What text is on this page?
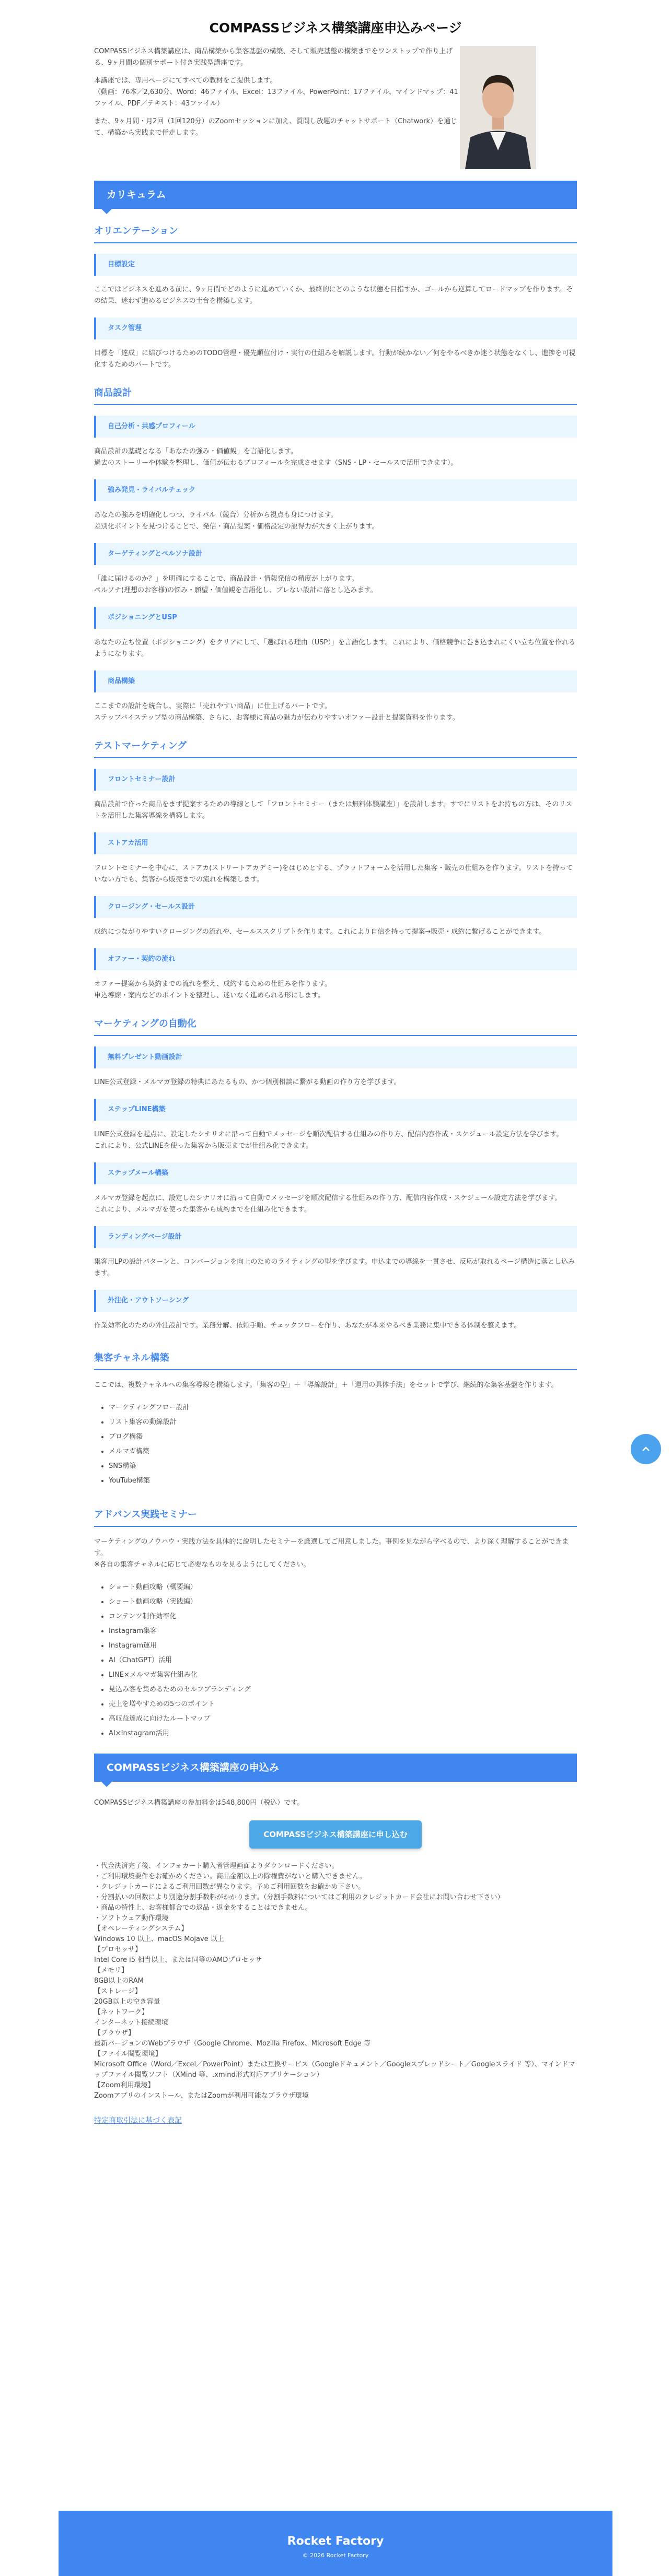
COMPASSビジネス構築講座申込みページ

COMPASSビジネス構築講座は、商品構築から集客基盤の構築、そして販売基盤の構築までをワンストップで作り上げる、9ヶ月間の個別サポート付き実践型講座です。

本講座では、専用ページにてすべての教材をご提供します。
（動画：76本／2,630分、Word：46ファイル、Excel：13ファイル、PowerPoint：17ファイル、マインドマップ：41ファイル、PDF／テキスト：43ファイル）

また、9ヶ月間・月2回（1回120分）のZoomセッションに加え、質問し放題のチャットサポート（Chatwork）を通じて、構築から実践まで伴走します。

カリキュラム
オリエンテーション
目標設定
ここではビジネスを進める前に、9ヶ月間でどのように進めていくか、最終的にどのような状態を目指すか、ゴールから逆算してロードマップを作ります。その結果、迷わず進めるビジネスの土台を構築します。
タスク管理
目標を「達成」に結びつけるためのTODO管理・優先順位付け・実行の仕組みを解説します。行動が続かない／何をやるべきか迷う状態をなくし、進捗を可視化するためのパートです。
商品設計
自己分析・共感プロフィール
商品設計の基礎となる「あなたの強み・価値観」を言語化します。
過去のストーリーや体験を整理し、価値が伝わるプロフィールを完成させます（SNS・LP・セールスで活用できます）。
強み発見・ライバルチェック
あなたの強みを明確化しつつ、ライバル（競合）分析から視点も身につけます。
差別化ポイントを見つけることで、発信・商品提案・価格設定の説得力が大きく上がります。
ターゲティングとペルソナ設計
「誰に届けるのか？」を明確にすることで、商品設計・情報発信の精度が上がります。
ペルソナ(理想のお客様)の悩み・願望・価値観を言語化し、ブレない設計に落とし込みます。
ポジショニングとUSP
あなたの立ち位置（ポジショニング）をクリアにして、「選ばれる理由（USP）」を言語化します。これにより、価格競争に巻き込まれにくい立ち位置を作れるようになります。
商品構築
ここまでの設計を統合し、実際に「売れやすい商品」に仕上げるパートです。
ステップバイステップ型の商品構築、さらに、お客様に商品の魅力が伝わりやすいオファー設計と提案資料を作ります。
テストマーケティング
フロントセミナー設計
商品設計で作った商品をまず提案するための導線として「フロントセミナー（または無料体験講座）」を設計します。すでにリストをお持ちの方は、そのリストを活用した集客導線を構築します。
ストアカ活用
フロントセミナーを中心に、ストアカ(ストリートアカデミー)をはじめとする、プラットフォームを活用した集客・販売の仕組みを作ります。リストを持っていない方でも、集客から販売までの流れを構築します。
クロージング・セールス設計
成約につながりやすいクロージングの流れや、セールススクリプトを作ります。これにより自信を持って提案→販売・成約に繋げることができます。
オファー・契約の流れ
オファー提案から契約までの流れを整え、成約するための仕組みを作ります。
申込導線・案内などのポイントを整理し、迷いなく進められる形にします。
マーケティングの自動化
無料プレゼント動画設計
LINE公式登録・メルマガ登録の特典にあたるもの、かつ個別相談に繋がる動画の作り方を学びます。
ステップLINE構築
LINE公式登録を起点に、設定したシナリオに沿って自動でメッセージを順次配信する仕組みの作り方、配信内容作成・スケジュール設定方法を学びます。
これにより、公式LINEを使った集客から販売までが仕組み化できます。
ステップメール構築
メルマガ登録を起点に、設定したシナリオに沿って自動でメッセージを順次配信する仕組みの作り方、配信内容作成・スケジュール設定方法を学びます。
これにより、メルマガを使った集客から成約までを仕組み化できます。
ランディングページ設計
集客用LPの設計パターンと、コンバージョンを向上のためのライティングの型を学びます。申込までの導線を一貫させ、反応が取れるページ構造に落とし込みます。
外注化・アウトソーシング
作業効率化のための外注設計です。業務分解、依頼手順、チェックフローを作り、あなたが本来やるべき業務に集中できる体制を整えます。
集客チャネル構築
ここでは、複数チャネルへの集客導線を構築します。「集客の型」＋「導線設計」＋「運用の具体手法」をセットで学び、継続的な集客基盤を作ります。
• マーケティングフロー設計
• リスト集客の動線設計
• ブログ構築
• メルマガ構築
• SNS構築
• YouTube構築
アドバンス実践セミナー
マーケティングのノウハウ・実践方法を具体的に説明したセミナーを厳選してご用意しました。事例を見ながら学べるので、より深く理解することができます。
※各自の集客チャネルに応じて必要なものを見るようにしてください。
• ショート動画攻略（概要編）
• ショート動画攻略（実践編）
• コンテンツ制作効率化
• Instagram集客
• Instagram運用
• AI（ChatGPT）活用
• LINE×メルマガ集客仕組み化
• 見込み客を集めるためのセルフブランディング
• 売上を増やすための5つのポイント
• 高収益達成に向けたルートマップ
• AI×Instagram活用
COMPASSビジネス構築講座の申込み
COMPASSビジネス構築講座の参加料金は548,800円（税込）です。
COMPASSビジネス構築講座に申し込む
・代金決済完了後、インフォカート購入者管理画面よりダウンロードください。
・ご利用環境要件をお確かめください。商品金額以上の除権費がないと購入できません。
・クレジットカードによるご利用回数が異なります。予めご利用回数をお確かめ下さい。
・分割払いの回数により別途分割手数料がかかります。（分割手数料についてはご利用のクレジットカード会社にお問い合わせ下さい）
・商品の特性上、お客様都合での返品・返金をすることはできません。
・ソフトウェア動作環境
【オペレーティングシステム】
Windows 10 以上、macOS Mojave 以上
【プロセッサ】
Intel Core i5 相当以上、または同等のAMDプロセッサ
【メモリ】
8GB以上のRAM
【ストレージ】
20GB以上の空き容量
【ネットワーク】
インターネット接続環境
【ブラウザ】
最新バージョンのWebブラウザ（Google Chrome、Mozilla Firefox、Microsoft Edge 等
【ファイル閲覧環境】
Microsoft Office（Word／Excel／PowerPoint）または互換サービス（Googleドキュメント／Googleスプレッドシート／Googleスライド 等）、マインドマップファイル閲覧ソフト（XMind 等、.xmind形式対応アプリケーション）
【Zoom利用環境】
Zoomアプリのインストール、またはZoomが利用可能なブラウザ環境
特定商取引法に基づく表記
Rocket Factory
© 2026 Rocket Factory
